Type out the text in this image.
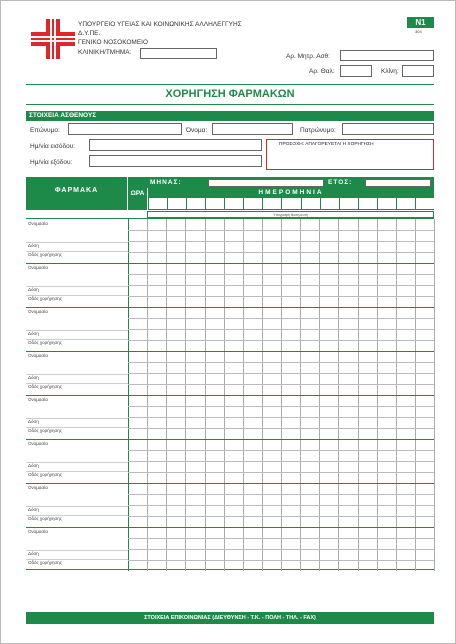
ΥΠΟΥΡΓΕΙΟ ΥΓΕΙΑΣ ΚΑΙ ΚΟΙΝΩΝΙΚΗΣ ΑΛΛΗΛΕΓΓΥΗΣ
Δ.Υ.ΠΕ.
ΓΕΝΙΚΟ ΝΟΣΟΚΟΜΕΙΟ
ΚΛΙΝΙΚΗ/ΤΜΗΜΑ:
Ν1
304
Αρ. Μητρ. Ασθ:
Αρ. Θαλ:	Κλίνη:
ΧΟΡΗΓΗΣΗ ΦΑΡΜΑΚΩΝ
ΣΤΟΙΧΕΙΑ ΑΣΘΕΝΟΥΣ
Επώνυμο:	Όνομα:	Πατρώνυμο:
Ημ/νία εισόδου:
Ημ/νία εξόδου:
ΠΡΟΣΟΧΗ: ΑΠΑΓΟΡΕΥΕΤΑΙ Η ΧΟΡΗΓΗΣΗ
ΦΑΡΜΑΚΑ	ΩΡΑ
ΜΗΝΑΣ:	ΕΤΟΣ:
ΗΜΕΡΟΜΗΝΙΑ
Υπογραφή Νοσηλευτή
Ονομασία
Δόση
Οδός χορήγησης
Ονομασία
Δόση
Οδός χορήγησης
Ονομασία
Δόση
Οδός χορήγησης
Ονομασία
Δόση
Οδός χορήγησης
Ονομασία
Δόση
Οδός χορήγησης
Ονομασία
Δόση
Οδός χορήγησης
Ονομασία
Δόση
Οδός χορήγησης
Ονομασία
Δόση
Οδός χορήγησης
ΣΤΟΙΧΕΙΑ ΕΠΙΚΟΙΝΩΝΙΑΣ (ΔΙΕΥΘΥΝΣΗ - Τ.Κ. - ΠΟΛΗ - ΤΗΛ. - FAX)
